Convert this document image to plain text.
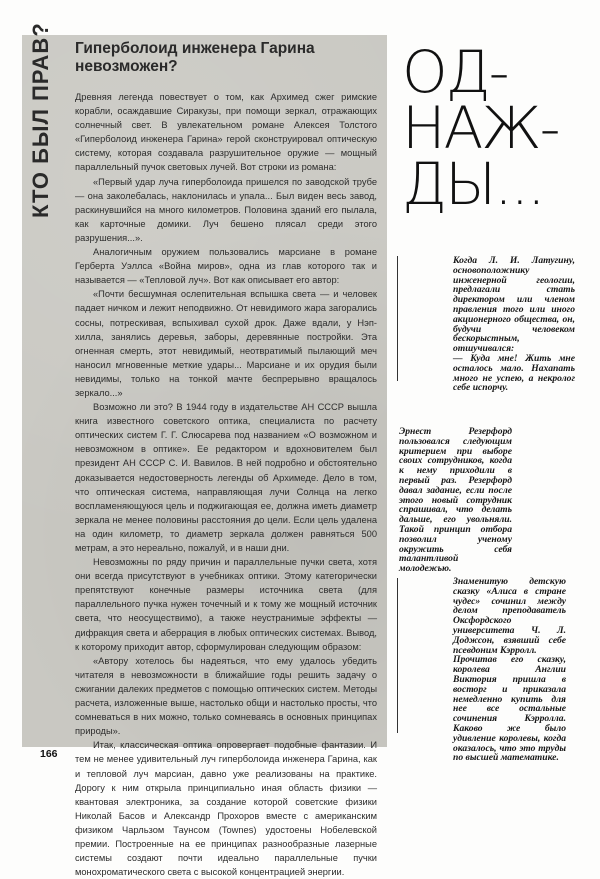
КТО БЫЛ ПРАВ? Гиперболоид инженера Гарина невозможен?

Древняя легенда повествует о том, как Архимед сжег римские корабли, осаждавшие Сиракузы, при помощи зеркал, отражающих солнечный свет. В увлекательном романе Алексея Толстого «Гиперболоид инженера Гарина» герой сконструировал оптическую систему, которая создавала разрушительное оружие — мощный параллельный пучок световых лучей. Вот строки из романа:

«Первый удар луча гиперболоида пришелся по заводской трубе — она заколебалась, наклонилась и упала... Был виден весь завод, раскинувшийся на много километров. Половина зданий его пылала, как карточные домики. Луч бешено плясал среди этого разрушения...».

Аналогичным оружием пользовались марсиане в романе Герберта Уэллса «Война миров», одна из глав которого так и называется — «Тепловой луч». Вот как описывает его автор:

«Почти бесшумная ослепительная вспышка света — и человек падает ничком и лежит неподвижно. От невидимого жара загорались сосны, потрескивая, вспыхивал сухой дрок. Даже вдали, у Нэп-хилла, занялись деревья, заборы, деревянные постройки. Эта огненная смерть, этот невидимый, неотвратимый пылающий меч наносил мгновенные меткие удары... Марсиане и их орудия были невидимы, только на тонкой мачте беспрерывно вращалось зеркало...»

Возможно ли это? В 1944 году в издательстве АН СССР вышла книга известного советского оптика, специалиста по расчету оптических систем Г. Г. Слюсарева под названием «О возможном и невозможном в оптике». Ее редактором и вдохновителем был президент АН СССР С. И. Вавилов. В ней подробно и обстоятельно доказывается недостоверность легенды об Архимеде. Дело в том, что оптическая система, направляющая лучи Солнца на легко воспламеняющуюся цель и поджигающая ее, должна иметь диаметр зеркала не менее половины расстояния до цели. Если цель удалена на один километр, то диаметр зеркала должен равняться 500 метрам, а это нереально, пожалуй, и в наши дни.

Невозможны по ряду причин и параллельные пучки света, хотя они всегда присутствуют в учебниках оптики. Этому категорически препятствуют конечные размеры источника света (для параллельного пучка нужен точечный и к тому же мощный источник света, что неосуществимо), а также неустранимые эффекты — дифракция света и аберрация в любых оптических системах. Вывод, к которому приходит автор, сформулирован следующим образом:

«Автору хотелось бы надеяться, что ему удалось убедить читателя в невозможности в ближайшие годы решить задачу о сжигании далеких предметов с помощью оптических систем. Методы расчета, изложенные выше, настолько общи и настолько просты, что сомневаться в них можно, только сомневаясь в основных принципах природы».

Итак, классическая оптика опровергает подобные фантазии. И тем не менее удивительный луч гиперболоида инженера Гарина, как и тепловой луч марсиан, давно уже реализованы на практике. Дорогу к ним открыла принципиально иная область физики — квантовая электроника, за создание которой советские физики Николай Басов и Александр Прохоров вместе с американским физиком Чарльзом Таунсом (Townes) удостоены Нобелевской премии. Построенные на ее принципах разнообразные лазерные системы создают почти идеально параллельные пучки монохроматического света с высокой концентрацией энергии.

166
ОД-
НАЖ-
ДЫ...

Когда Л. И. Латугину, основоположнику инженерной геологии, предлагали стать директором или членом правления того или иного акционерного общества, он, будучи человеком бескорыстным, отшучивался:

— Куда мне! Жить мне осталось мало. Нахапать много не успею, а некролог себе испорчу.

Эрнест Резерфорд пользовался следующим критерием при выборе своих сотрудников, когда к нему приходили в первый раз. Резерфорд давал задание, если после этого новый сотрудник спрашивал, что делать дальше, его увольняли. Такой принцип отбора позволил ученому окружить себя талантливой молодежью.

Знаменитую детскую сказку «Алиса в стране чудес» сочинил между делом преподаватель Оксфордского университета Ч. Л. Доджсон, взявший себе псевдоним Кэрролл.

Прочитав его сказку, королева Англии Виктория пришла в восторг и приказала немедленно купить для нее все остальные сочинения Кэрролла. Каково же было удивление королевы, когда оказалось, что это труды по высшей математике.
